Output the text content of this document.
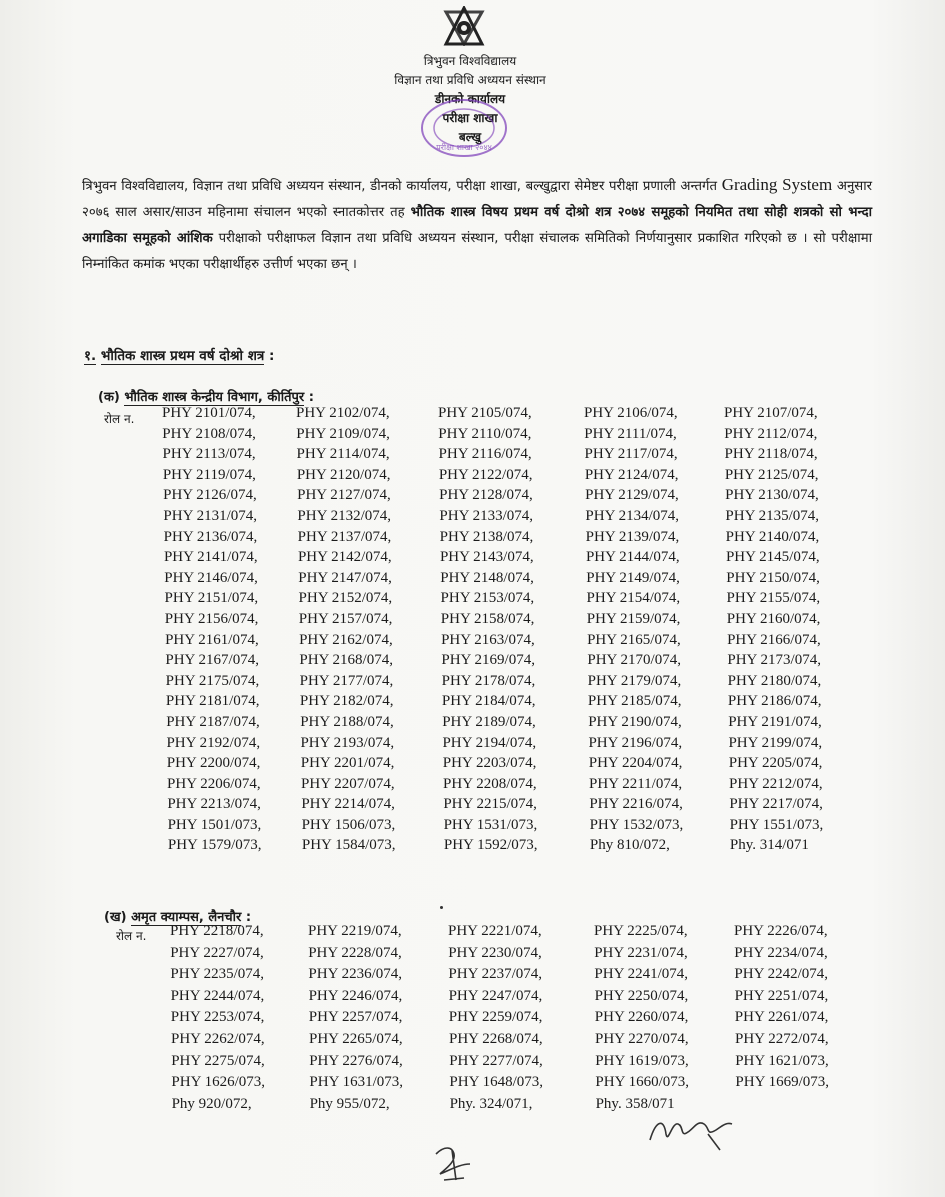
त्रिभुवन विश्वविद्यालय
विज्ञान तथा प्रविधि अध्ययन संस्थान
डीनको कार्यालय
परीक्षा शाखा
बल्खु
परीक्षा शाखा २०४४
त्रिभुवन विश्वविद्यालय, विज्ञान तथा प्रविधि अध्ययन संस्थान, डीनको कार्यालय, परीक्षा शाखा, बल्खुद्वारा सेमेष्टर परीक्षा प्रणाली अन्तर्गत Grading System अनुसार २०७६ साल असार/साउन महिनामा संचालन भएको स्नातकोत्तर तह भौतिक शास्त्र विषय प्रथम वर्ष दोश्रो शत्र २०७४ समूहको नियमित तथा सोही शत्रको सो भन्दा अगाडिका समूहको आंशिक परीक्षाको परीक्षाफल विज्ञान तथा प्रविधि अध्ययन संस्थान, परीक्षा संचालक समितिको निर्णयानुसार प्रकाशित गरिएको छ । सो परीक्षामा निम्नांकित कमांक भएका परीक्षार्थीहरु उत्तीर्ण भएका छन् ।
१. भौतिक शास्त्र प्रथम वर्ष दोश्रो शत्र :
(क) भौतिक शास्त्र केन्द्रीय विभाग, कीर्तिपुर :
रोल न. PHY 2101/074,	PHY 2102/074,	PHY 2105/074,	PHY 2106/074,	PHY 2107/074,
PHY 2108/074,	PHY 2109/074,	PHY 2110/074,	PHY 2111/074,	PHY 2112/074,
PHY 2113/074,	PHY 2114/074,	PHY 2116/074,	PHY 2117/074,	PHY 2118/074,
PHY 2119/074,	PHY 2120/074,	PHY 2122/074,	PHY 2124/074,	PHY 2125/074,
PHY 2126/074,	PHY 2127/074,	PHY 2128/074,	PHY 2129/074,	PHY 2130/074,
PHY 2131/074,	PHY 2132/074,	PHY 2133/074,	PHY 2134/074,	PHY 2135/074,
PHY 2136/074,	PHY 2137/074,	PHY 2138/074,	PHY 2139/074,	PHY 2140/074,
PHY 2141/074,	PHY 2142/074,	PHY 2143/074,	PHY 2144/074,	PHY 2145/074,
PHY 2146/074,	PHY 2147/074,	PHY 2148/074,	PHY 2149/074,	PHY 2150/074,
PHY 2151/074,	PHY 2152/074,	PHY 2153/074,	PHY 2154/074,	PHY 2155/074,
PHY 2156/074,	PHY 2157/074,	PHY 2158/074,	PHY 2159/074,	PHY 2160/074,
PHY 2161/074,	PHY 2162/074,	PHY 2163/074,	PHY 2165/074,	PHY 2166/074,
PHY 2167/074,	PHY 2168/074,	PHY 2169/074,	PHY 2170/074,	PHY 2173/074,
PHY 2175/074,	PHY 2177/074,	PHY 2178/074,	PHY 2179/074,	PHY 2180/074,
PHY 2181/074,	PHY 2182/074,	PHY 2184/074,	PHY 2185/074,	PHY 2186/074,
PHY 2187/074,	PHY 2188/074,	PHY 2189/074,	PHY 2190/074,	PHY 2191/074,
PHY 2192/074,	PHY 2193/074,	PHY 2194/074,	PHY 2196/074,	PHY 2199/074,
PHY 2200/074,	PHY 2201/074,	PHY 2203/074,	PHY 2204/074,	PHY 2205/074,
PHY 2206/074,	PHY 2207/074,	PHY 2208/074,	PHY 2211/074,	PHY 2212/074,
PHY 2213/074,	PHY 2214/074,	PHY 2215/074,	PHY 2216/074,	PHY 2217/074,
PHY 1501/073,	PHY 1506/073,	PHY 1531/073,	PHY 1532/073,	PHY 1551/073,
PHY 1579/073,	PHY 1584/073,	PHY 1592/073,	Phy 810/072,	Phy. 314/071
(ख) अमृत क्याम्पस, लैनचौर :
रोल न. PHY 2218/074,	PHY 2219/074,	PHY 2221/074,	PHY 2225/074,	PHY 2226/074,
PHY 2227/074,	PHY 2228/074,	PHY 2230/074,	PHY 2231/074,	PHY 2234/074,
PHY 2235/074,	PHY 2236/074,	PHY 2237/074,	PHY 2241/074,	PHY 2242/074,
PHY 2244/074,	PHY 2246/074,	PHY 2247/074,	PHY 2250/074,	PHY 2251/074,
PHY 2253/074,	PHY 2257/074,	PHY 2259/074,	PHY 2260/074,	PHY 2261/074,
PHY 2262/074,	PHY 2265/074,	PHY 2268/074,	PHY 2270/074,	PHY 2272/074,
PHY 2275/074,	PHY 2276/074,	PHY 2277/074,	PHY 1619/073,	PHY 1621/073,
PHY 1626/073,	PHY 1631/073,	PHY 1648/073,	PHY 1660/073,	PHY 1669/073,
Phy 920/072,	Phy 955/072,	Phy. 324/071,	Phy. 358/071
